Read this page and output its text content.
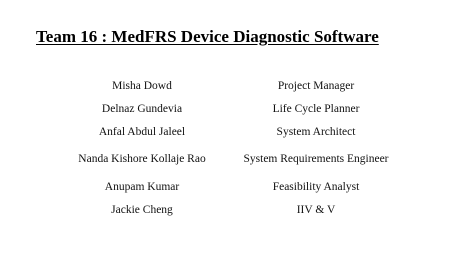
Team 16 : MedFRS Device Diagnostic Software
Misha Dowd	Project Manager
Delnaz Gundevia	Life Cycle Planner
Anfal Abdul Jaleel	System Architect
Nanda Kishore Kollaje Rao	System Requirements Engineer
Anupam Kumar	Feasibility Analyst
Jackie Cheng	IIV & V
